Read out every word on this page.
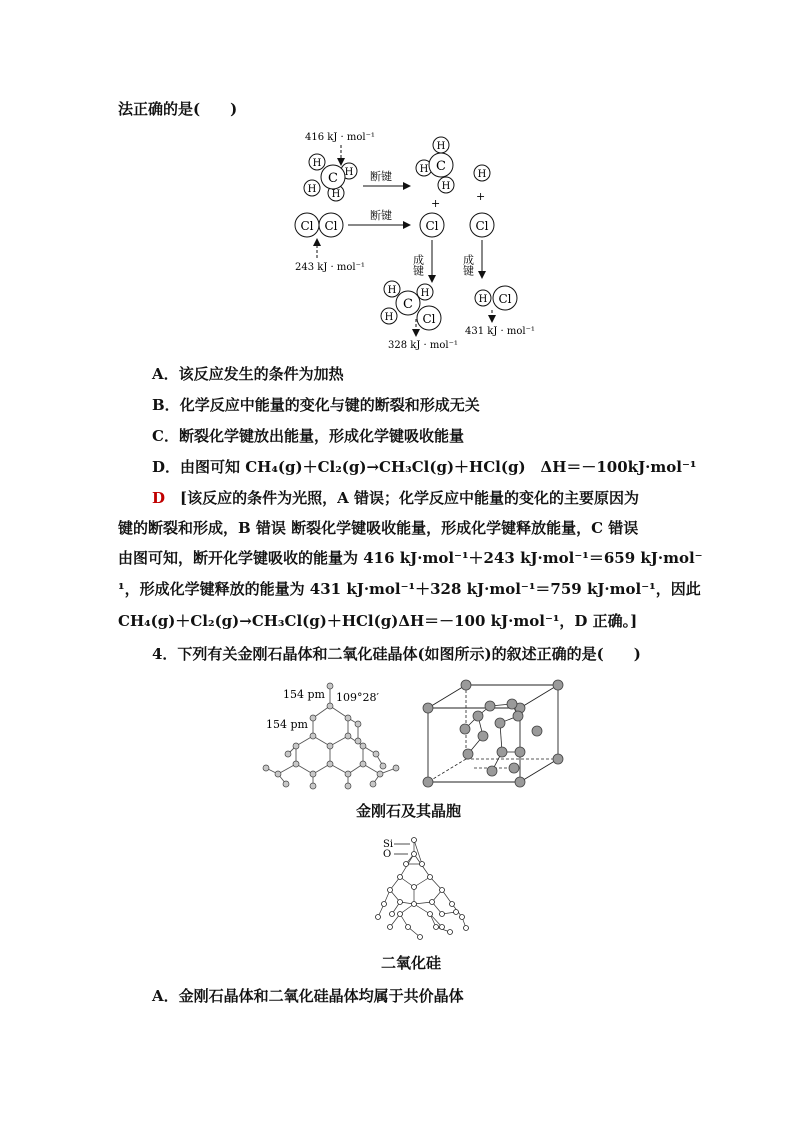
法正确的是(　　)
H
H
H
H
C
416 kJ · mol⁻¹
断键
H
H
H
C
+
H
+
Cl Cl
243 kJ · mol⁻¹
断键
Cl	Cl
成键	成键
H
H
H
C
Cl
328 kJ · mol⁻¹
H Cl
431 kJ · mol⁻¹
A．该反应发生的条件为加热
B．化学反应中能量的变化与键的断裂和形成无关
C．断裂化学键放出能量，形成化学键吸收能量
D．由图可知 CH₄(g)＋Cl₂(g)→CH₃Cl(g)＋HCl(g)　ΔH＝－100kJ·mol⁻¹
D　 [该反应的条件为光照，A 错误；化学反应中能量的变化的主要原因为
键的断裂和形成，B 错误 断裂化学键吸收能量，形成化学键释放能量，C 错误
由图可知，断开化学键吸收的能量为 416 kJ·mol⁻¹＋243 kJ·mol⁻¹＝659 kJ·mol⁻
¹，形成化学键释放的能量为 431 kJ·mol⁻¹＋328 kJ·mol⁻¹＝759 kJ·mol⁻¹，因此
CH₄(g)＋Cl₂(g)→CH₃Cl(g)＋HCl(g)ΔH＝－100 kJ·mol⁻¹，D 正确。]
4．下列有关金刚石晶体和二氧化硅晶体(如图所示)的叙述正确的是(　　)
154 pm 109°28′
154 pm
金刚石及其晶胞
Si
O
二氧化硅
A．金刚石晶体和二氧化硅晶体均属于共价晶体
